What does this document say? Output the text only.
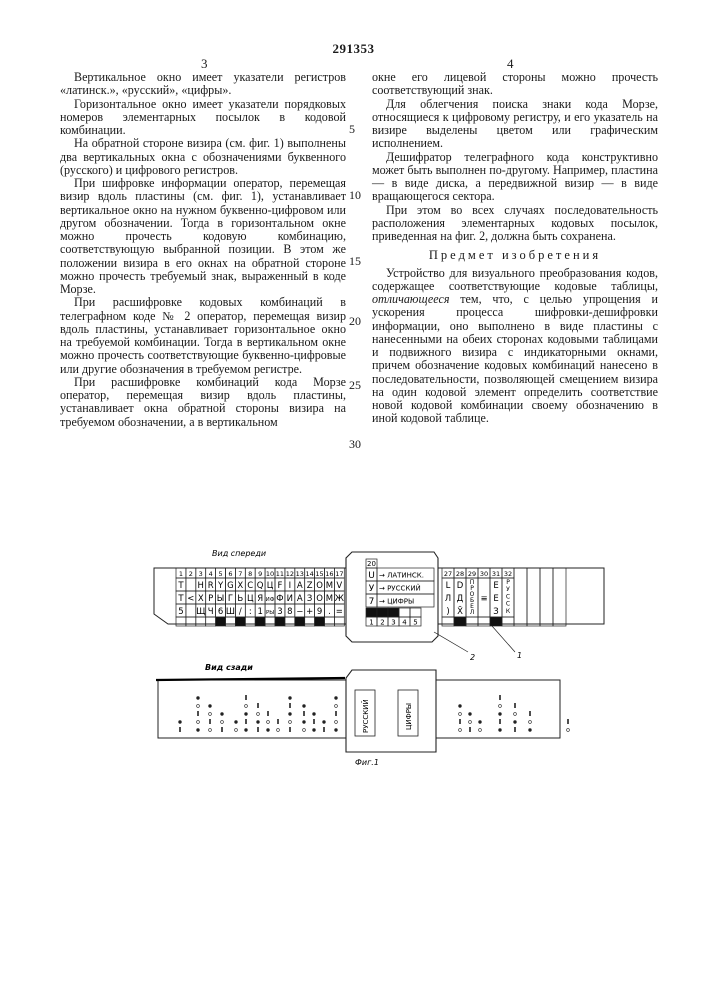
291353
3	4

Вертикальное окно имеет указатели регистров «латинск.», «русский», «цифры».

Горизонтальное окно имеет указатели порядковых номеров элементарных посылок в кодовой комбинации.

На обратной стороне визира (см. фиг. 1) выполнены два вертикальных окна с обозначениями буквенного (русского) и цифрового регистров.

При шифровке информации оператор, перемещая визир вдоль пластины (см. фиг. 1), устанавливает вертикальное окно на нужном буквенно-цифровом или другом обозначении. Тогда в горизонтальном окне можно прочесть кодовую комбинацию, соответствующую выбранной позиции. В этом же положении визира в его окнах на обратной стороне можно прочесть требуемый знак, выраженный в коде Морзе.

При расшифровке кодовых комбинаций в телеграфном коде № 2 оператор, перемещая визир вдоль пластины, устанавливает горизонтальное окно на требуемой комбинации. Тогда в вертикальном окне можно прочесть соответствующие буквенно-цифровые или другие обозначения в требуемом регистре.

При расшифровке комбинаций кода Морзе оператор, перемещая визир вдоль пластины, устанавливает окна обратной стороны визира на требуемом обозначении, а в вертикальном

5
10
15
20
25
30

окне его лицевой стороны можно прочесть соответствующий знак.

Для облегчения поиска знаки кода Морзе, относящиеся к цифровому регистру, и его указатель на визире выделены цветом или графическим исполнением.

Дешифратор телеграфного кода конструктивно может быть выполнен по-другому. Например, пластина — в виде диска, а передвижной визир — в виде вращающегося сектора.

При этом во всех случаях последовательность расположения элементарных кодовых посылок, приведенная на фиг. 2, должна быть сохранена.

Предмет изобретения

Устройство для визуального преобразования кодов, содержащее соответствующие кодовые таблицы, отличающееся тем, что, с целью упрощения и ускорения процесса шифровки-дешифровки информации, оно выполнено в виде пластины с нанесенными на обеих сторонах кодовыми таблицами и подвижного визира с индикаторными окнами, причем обозначение кодовых комбинаций нанесено в последовательности, позволяющей смещением визира на один кодовой элемент определить соответствие новой кодовой комбинации своему обозначению в иной кодовой таблице.

Вид спереди
1
T
T
5
2
<
3
H
Х
Щ
4
R
Р
Ч
5
Y
Ы
6
6
G
Г
Ш
7
X
Ь
/
8
C
Ц
:
9
Q
Я
1
10
Ц
ИФ
РЫ
11
F
Ф
3
12
I
И
8
13
A
А
−
14
Z
З
+
15
O
О
9
16
M
М
.
17
V
Ж
=
27
L
Л
)
28
D
Д
X̄
29
П
Р
О
Б
Е
Л
30
≡
31
E
E
З
32
Р
У
С
С
К
20
U → ЛАТИНСК.
У → РУССКИЙ
7 → ЦИФРЫ
1 2 3 4 5
2	1
Вид сзади
РУССКИЙ	ЦИФРЫ
Фиг.1
